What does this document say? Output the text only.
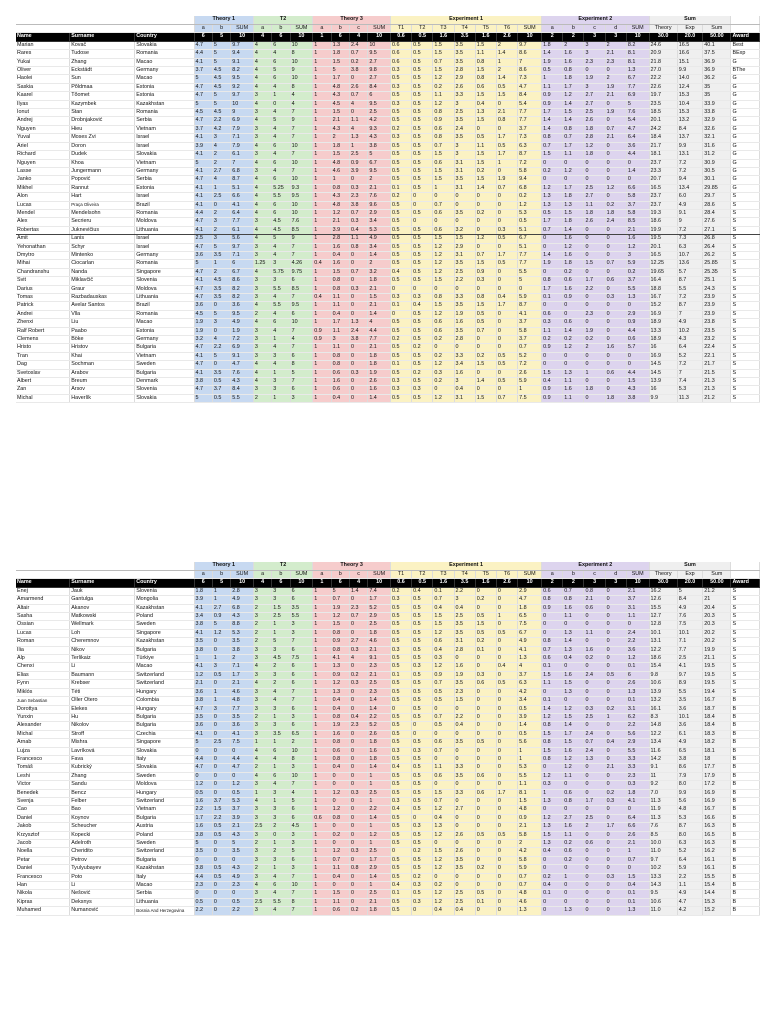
			Theory 1			T2			Theory 3				Experiment 1							Experiment 2					Sum			
			a	b	SUM	a	b	SUM	a	b	c	SUM	T1	T2	T3	T4	T5	T6	SUM	a	b	c	d	SUM	Theory	Exp	Sum	
Name	Surname	Country	6	5	10	4	6	10	1	6	4	10	0.6	0.5	1.6	3.5	1.6	2.6	10	2	2	3	3	10	30.0	20.0	50.00	Award
Marian	Kovač	Slovakia	4.7	5	9.7	4	6	10	1	1.3	2.4	10	0.6	0.5	1.5	3.5	1.5	2	9.7	1.8	2	3	2	8.2	24.6	16.5	40.1	Best
Rares	Tudose	Romania	4.4	5	9.4	4	4	8	1	1.8	0.7	9.5	0.6	0.5	1.5	3.5	1.1	1.4	8.6	1.4	1.6	3	2.1	8.1	20.9	16.6	37.5	BExp
Yukai	Zhang	Macao	4.1	5	9.1	4	6	10	1	1.5	0.2	2.7	0.6	0.5	0.7	3.5	0.8	1	7	1.9	1.6	2.3	2.3	8.1	21.8	15.1	36.9	G
Oliver	Eckstädt	Germany	3.7	4.5	8.2	4	5	9	1	5	3.8	9.8	0.3	0.5	1.5	2.8	1.5	2	8.6	0.5	0.8	0	0	1.3	27.0	9.9	36.9	BThe
Haolei	Sun	Macao	5	4.5	9.5	4	6	10	1	1.7	0	2.7	0.5	0.5	1.2	2.9	0.8	1.4	7.3	1	1.8	1.9	2	6.7	22.2	14.0	36.2	G
Saskia	Põldmaa	Estonia	4.7	4.5	9.2	4	4	8	1	4.8	2.6	8.4	0.3	0.5	0.2	2.6	0.6	0.5	4.7	1.1	1.7	3	1.9	7.7	22.6	12.4	35	G
Kaarel	Tõomet	Estonia	4.7	5	9.7	3	1	4	1	4.3	0.7	6	0.5	0.5	1.1	3.3	1.5	1.5	8.4	0.9	1.2	2.7	2.1	6.9	19.7	15.3	35	G
Ilyas	Kazymbek	Kazakhstan	5	5	10	4	0	4	1	4.5	4	9.5	0.3	0.5	1.2	3	0.4	0	5.4	0.9	1.4	2.7	0	5	23.5	10.4	33.9	G
Ionut	Stan	Romania	4.5	4.5	9	3	4	7	1	1.5	0	2.5	0.5	0.5	0.8	2.5	1.3	2.1	7.7	1.7	1.5	2.5	1.9	7.6	18.5	15.3	33.8	G
Andrej	Drobnjaković	Serbia	4.7	2.2	6.9	4	5	9	1	2.1	1.1	4.2	0.5	0.5	0.9	3.5	1.5	0.8	7.7	1.4	1.4	2.6	0	5.4	20.1	13.2	32.9	G
Nguyen	Hieu	Vietnam	3.7	4.2	7.9	3	4	7	1	4.3	4	9.3	0.2	0.5	0.6	2.4	0	0	3.7	1.4	0.8	1.8	0.7	4.7	24.2	8.4	32.6	G
Yuval	Moses Zvi	Israel	4.1	3	7.1	3	4	7	1	2	1.3	4.3	0.3	0.5	0.8	3.5	0.5	1.7	7.3	0.8	0.7	2.8	2.1	6.4	18.4	13.7	32.1	G
Ariel	Doron	Israel	3.9	4	7.9	4	6	10	1	1.8	1	3.8	0.5	0.5	0.7	3	1.1	0.5	6.3	0.7	1.7	1.2	0	3.6	21.7	9.9	31.6	G
Richard	Dudek	Slovakia	4.1	2	6.1	3	4	7	1	1.5	2.5	5	0.5	0.5	1.5	3	1.5	1.7	8.7	1.5	1.1	1.8	0	4.4	18.1	13.1	31.2	G
Nguyen	Khoa	Vietnam	5	2	7	4	6	10	1	4.8	0.9	6.7	0.5	0.5	0.6	3.1	1.5	1	7.2	0	0	0	0	0	23.7	7.2	30.9	G
Lasse	Jungermann	Germany	4.1	2.7	6.8	3	4	7	1	4.6	3.9	9.5	0.5	0.5	1.5	3.1	0.2	0	5.8	0.2	1.2	0	0	1.4	23.3	7.2	30.5	G
Janko	Popović	Serbia	4.7	4	8.7	4	6	10	1	1	0	2	0.5	0.5	1.5	3.5	1.5	1.9	9.4	0	0	0	0	0	20.7	9.4	30.1	G
Mikhel	Rannut	Estonia	4.1	1	5.1	4	5.25	9.3	1	0.8	0.3	2.1	0.1	0.5	1	3.1	1.4	0.7	6.8	1.2	1.7	2.5	1.2	6.6	16.5	13.4	29.85	G
Alon	Hart	Israel	4.1	2.5	6.6	4	5.5	9.5	1	4.3	2.3	7.6	0.2	0	0	0	0	0	0.2	1.3	1.8	2.7	0	5.8	23.7	6.0	29.7	S
Lucas	Praça Oliveira	Brazil	4.1	0	4.1	4	6	10	1	4.8	3.8	9.6	0.5	0	0.7	0	0	0	1.2	1.3	1.3	1.1	0.2	3.7	23.7	4.9	28.6	S
Mendel	Mendelsohn	Romania	4.4	2	6.4	4	6	10	1	1.2	0.7	2.9	0.5	0.5	0.6	3.5	0.2	0	5.3	0.5	1.5	1.8	1.8	5.8	19.3	9.1	28.4	S
Alex	Secrieru	Moldova	4.7	3	7.7	3	4.5	7.6	1	2.1	0.3	3.4	0.5	0	0	0	0	0	0.5	1.7	1.8	2.6	2.4	8.5	18.6	9	27.6	S
Robertas	Juknevičius	Lithuania	4.1	2	6.1	4	4.5	8.5	1	3.9	0.4	5.3	0.5	0.5	0.6	3.2	0	0.3	5.1	0.7	1.4	0	0	2.1	19.9	7.2	27.1	S
Amit	Lanis	Israel	2.5	3	5.6	4	5	9	1	2.8	1.1	4.9	0.5	0.5	1.5	1.5	1.2	0.5	6.7	0	1.6	0	0	1.6	19.5	7.3	26.8	S
Yehonathan	Schyr	Israel	4.7	5	9.7	3	4	7	1	1.6	0.8	3.4	0.5	0.5	1.2	2.9	0	0	5.1	0	1.2	0	0	1.2	20.1	6.3	26.4	S
Dmytro	Mintenko	Germany	3.6	3.5	7.1	3	4	7	1	0.4	0	1.4	0.5	0.5	1.2	3.1	0.7	1.7	7.7	1.4	1.6	0	0	3	16.5	10.7	26.2	S
Mihai	Ciocarlan	Romania	5	1	6	1.25	3	4.26	0.4	1.6	0	2	0.5	0.5	1.2	3.5	1.5	0.5	7.7	1.9	1.8	1.5	0.7	5.9	12.25	13.6	25.85	S
Chandranshu	Nanda	Singapore	4.7	2	6.7	4	5.75	9.75	1	1.5	0.7	3.2	0.4	0.5	1.2	2.5	0.9	0	5.5	0	0.2	0	0	0.2	19.65	5.7	25.35	S
Svit	Miklavčič	Slovenia	4.1	4.5	8.6	3	3	6	1	0.8	0	1.8	0.5	0.5	1.5	2.2	0.3	0	5	0.8	0.6	1.7	0.6	3.7	16.4	8.7	25.1	S
Darius	Graur	Moldova	4.7	3.5	8.2	3	5.5	8.5	1	0.8	0.3	2.1	0	0	0	0	0	0	0	1.7	1.6	2.2	0	5.5	18.8	5.5	24.3	S
Tomas	Razbadauskas	Lithuania	4.7	3.5	8.2	3	4	7	0.4	1.1	0	1.5	0.3	0.3	0.8	3.3	0.8	0.4	5.9	0.1	0.9	0	0.3	1.3	16.7	7.2	23.9	S
Patrick	Avelar Santos	Brazil	3.6	0	3.6	4	5.5	9.5	1	1.1	0	2.1	0.1	0.4	1.5	3.5	1.5	1.7	8.7	0	0	0	0	0	15.2	8.7	23.9	S
Andrei	Vlla	Romania	4.5	5	9.5	2	4	6	1	0.4	0	1.4	0	0.5	1.2	1.9	0.5	0	4.1	0.6	0	2.3	0	2.9	16.9	7	23.9	S
Zhenxi	Liu	Macao	1.9	3	4.9	4	6	10	1	1.7	1.3	4	0.5	0.5	0.6	1.6	0.5	0	3.7	0.3	0.6	0	0	0.9	18.9	4.9	23.8	S
Ralf Robert	Paabo	Estonia	1.9	0	1.9	3	4	7	0.9	1.1	2.4	4.4	0.5	0.5	0.6	3.5	0.7	0	5.8	1.1	1.4	1.9	0	4.4	13.3	10.2	23.5	S
Clemens	Böke	Germany	3.2	4	7.2	3	1	4	0.9	3	3.8	7.7	0.2	0.5	0.2	2.8	0	0	3.7	0.2	0.2	0.2	0	0.6	18.9	4.3	23.2	S
Hristo	Hristov	Bulgaria	4.7	2.2	6.9	3	4	7	1	1.1	0	2.1	0.5	0.2	0	0	0	0	0.7	0.9	1.2	2	1.6	5.7	16	6.4	22.4	S
Tran	Khai	Vietnam	4.1	5	9.1	3	3	6	1	0.8	0	1.8	0.5	0.5	0.2	3.3	0.2	0.5	5.2	0	0	0	0	0	16.9	5.2	22.1	S
Dag	Sochman	Sweden	4.7	0	4.7	4	4	8	1	0.8	0	1.8	0.1	0.5	1.2	3.4	1.5	0.5	7.2	0	0	0	0	0	14.5	7.2	21.7	S
Svetoslav	Arabov	Bulgaria	4.1	3.5	7.6	4	1	5	1	0.6	0.3	1.9	0.5	0.2	0.3	1.6	0	0	2.6	1.5	1.3	1	0.6	4.4	14.5	7	21.5	S
Albert	Breum	Denmark	3.8	0.5	4.3	4	3	7	1	1.6	0	2.6	0.3	0.5	0.2	3	1.4	0.5	5.9	0.4	1.1	0	0	1.5	13.9	7.4	21.3	S
Žan	Arsov	Slovenia	4.7	3.7	8.4	3	3	6	1	0.6	0	1.6	0.3	0.3	0	0.4	0	0	1	0.9	1.6	1.8	0	4.3	16	5.3	21.3	S
Michal	Haverlík	Slovakia	5	0.5	5.5	2	1	3	1	0.4	0	1.4	0.5	0.5	1.2	3.1	1.5	0.7	7.5	0.9	1.1	0	1.8	3.8	9.9	11.3	21.2	S
			Theory 1			T2			Theory 3				Experiment 1							Experiment 2					Sum			
			a	b	SUM	a	b	SUM	a	b	c	SUM	T1	T2	T3	T4	T5	T6	SUM	a	b	c	d	SUM	Theory	Exp	Sum	
Name	Surname	Country	6	5	10	4	6	10	1	6	4	10	0.6	0.5	1.6	3.5	1.6	2.6	10	2	2	3	3	10	30.0	20.0	50.00	Award
Enej	Jauk	Slovenia	1.8	1	2.8	3	3	6	1	5	1.4	7.4	0.2	0.4	0.1	2.2	0	0	2.9	0.6	0.7	0.8	0	2.1	16.2	5	21.2	S
Amarmend	Gantulga	Mongolia	3.9	1	4.9	3	3	6	1	0.7	0	1.7	0.3	0.5	0.7	3	0.2	0	4.7	0.8	0.8	2.1	0	3.7	12.6	8.4	21	S
Altair	Akanov	Kazakhstan	4.1	2.7	6.8	2	1.5	3.5	1	1.9	2.3	5.2	0.5	0.5	0.4	0.4	0	0	1.8	0.9	1.6	0.6	0	3.1	15.5	4.9	20.4	S
Sasha	Matkowski	Poland	3.4	0.9	4.3	3	2.5	5.5	1	1.2	0.7	2.9	0.5	0.5	1.5	2.5	0.5	1	6.5	0	1.1	0	0	1.1	12.7	7.6	20.3	S
Ossian	Wellmark	Sweden	3.8	5	8.8	2	1	3	1	1.5	0	2.5	0.5	0.5	1.5	3.5	1.5	0	7.5	0	0	0	0	0	12.8	7.5	20.3	S
Lucas	Loh	Singapore	4.1	1.2	5.3	2	1	3	1	0.8	0	1.8	0.5	0.5	1.2	3.5	0.5	0.5	6.7	0	1.3	1.1	0	2.4	10.1	10.1	20.2	S
Roman	Cheremnov	Kazakhstan	3.5	0	3.5	2	5	7	1	0.9	2.7	4.6	0.5	0.5	0.6	3.1	0.2	0	4.9	0.8	1.4	0	0	2.2	13.1	7.1	20.2	S
Ilia	Nikov	Bulgaria	3.8	0	3.8	3	3	6	1	0.8	0.3	2.1	0.3	0.5	0.4	2.8	0.1	0	4.1	0.7	1.3	1.6	0	3.6	12.2	7.7	19.9	S
Alp	Terlikaiz	Türkiye	1	1	2	3	4.5	7.5	1	4.1	4	9.1	0.5	0.5	0.3	0	0	0	1.3	0.6	0.4	0.2	0	1.2	18.6	2.5	21.1	S
Chenxi	Li	Macao	4.1	3	7.1	4	2	6	1	1.3	0	2.3	0.5	0.3	1.2	1.6	0	0.4	4	0.1	0	0	0	0.1	15.4	4.1	19.5	S
Elias	Baumann	Switzerland	1.2	0.5	1.7	3	3	6	1	0.9	0.2	2.1	0.1	0.5	0.9	1.9	0.3	0	3.7	1.5	1.6	2.4	0.5	6	9.8	9.7	19.5	S
Fynn	Krebser	Switzerland	2.1	0	2.1	4	2	6	1	1.2	0.3	2.5	0.5	0.5	0.7	3.5	0.6	0.5	6.3	1.1	1.5	0	0	2.6	10.6	8.9	19.5	S
Miklós	Téti	Hungary	3.6	1	4.6	3	4	7	1	1.3	0	2.3	0.5	0.5	0.5	2.3	0	0	4.2	0	1.3	0	0	1.3	13.9	5.5	19.4	S
Juan Sebastian	Oller Otero	Colombia	3.8	1	4.8	3	4	7	1	0.4	0	1.4	0.5	0.5	0.5	1.5	0	0	3.4	0.1	0	0	0	0.1	13.2	3.5	16.7	B
Dorottya	Elekes	Hungary	4.7	3	7.7	3	3	6	1	0.4	0	1.4	0	0.5	0	0	0	0	0.5	1.4	1.2	0.3	0.2	3.1	16.1	3.6	18.7	B
Yunxin	Hu	Bulgaria	3.5	0	3.5	2	1	3	1	0.8	0.4	2.2	0.5	0.5	0.7	2.2	0	0	3.9	1.2	1.5	2.5	1	6.2	8.3	10.1	18.4	B
Alexander	Nikolov	Bulgaria	3.6	0	3.6	3	3	6	1	1.9	2.3	5.2	0.5	0	0.5	0.4	0	0	1.4	0.8	1.4	0	0	2.2	14.8	3.6	18.4	B
Michal	Stroff	Czechia	4.1	0	4.1	3	3.5	6.5	1	1.6	0	2.6	0.5	0	0	0	0	0	0.5	1.5	1.7	2.4	0	5.6	12.2	6.1	18.3	B
Arnab	Mishra	Singapore	5	2.5	7.5	1	1	2	1	0.8	0	1.8	0.5	0.5	0.6	3.5	0.5	0	5.6	0.8	1.5	0.7	0.4	2.9	13.4	4.9	18.2	B
Lujza	Lavríková	Slovakia	0	0	0	4	6	10	1	0.6	0	1.6	0.3	0.3	0.7	0	0	0	1	1.5	1.6	2.4	0	5.5	11.6	6.5	18.1	B
Francesco	Fava	Italy	4.4	0	4.4	4	4	8	1	0.8	0	1.8	0.5	0.5	0	0	0	0	1	0.8	1.2	1.3	0	3.3	14.2	3.8	18	B
Tomáš	Kubrický	Slovakia	4.7	0	4.7	2	1	3	1	0.4	0	1.4	0.4	0.5	1.1	3.3	0	0	5.3	0	1.2	0	2.1	3.3	9.1	8.6	17.7	B
Leshi	Zhang	Sweden	0	0	0	4	6	10	1	0	0	1	0.5	0.5	0.6	3.5	0.6	0	5.5	1.2	1.1	0	0	2.3	11	7.9	17.9	B
Victor	Sandu	Moldova	1.2	0	1.2	3	4	7	1	0	0	1	0.5	0.5	0	0	0	0	1.1	0.3	0	0	0	0.3	9.2	8.0	17.2	B
Benedek	Bencz	Hungary	0.5	0	0.5	1	3	4	1	1.2	0.3	2.5	0.5	0.5	1.5	3.3	0.6	1.7	8.1	1	0.6	0	0.2	1.8	7.0	9.9	16.9	B
Svenja	Felber	Switzerland	1.6	3.7	5.3	4	1	5	1	0	0	1	0.3	0.5	0.7	0	0	0	1.5	1.3	0.8	1.7	0.3	4.1	11.3	5.6	16.9	B
Cao	Bao	Vietnam	2.2	1.5	3.7	3	3	6	1	1.2	0	2.2	0.4	0.5	1.2	2.7	0	0	4.8	0	0	0	0	0	11.9	4.8	16.7	B
Daniel	Koynov	Bulgaria	1.7	2.2	3.9	3	3	6	0.6	0.8	0	1.4	0.5	0	0.4	0	0	0	0.9	1.2	2.7	2.5	0	6.4	11.3	5.3	16.6	B
Jakob	Scheucher	Austria	1.6	0.5	2.1	2.5	2	4.5	1	0	0	1	0.5	0.3	1.3	0	0	0	2.1	1.3	1.6	2	1.7	6.6	7.6	8.7	16.3	B
Krzysztof	Kopecki	Poland	3.8	0.5	4.3	3	0	3	1	0.2	0	1.2	0.5	0.5	1.2	2.6	0.5	0.5	5.8	1.5	1.1	0	0	2.6	8.5	8.0	16.5	B
Jacob	Adelroth	Sweden	5	0	5	2	1	3	1	0	0	1	0.5	0.5	0	0	0	0	2	1.3	0.2	0.6	0	2.1	10.0	6.3	16.3	B
Noella	Cheridito	Switzerland	3.5	0	3.5	3	2	5	1	1.2	0.3	2.5	0	0.2	1.5	2.6	0	0	4.2	0.4	0.6	0	0	1	11.0	5.2	16.2	B
Petar	Petrov	Bulgaria	0	0	0	3	3	6	1	0.7	0	1.7	0.5	0.5	1.2	3.5	0	0	5.8	0	0.2	0	0	0.7	9.7	6.4	16.1	B
Daniel	Tyulyubayev	Kazakhstan	3.8	0.5	4.3	2	1	3	1	1.1	0.8	2.9	0.5	0.5	1.2	3.5	0.2	0	5.9	0	0	0	0	0	10.2	5.9	16.1	B
Francesco	Poto	Italy	4.4	0.5	4.9	3	4	7	1	0.4	0	1.4	0.5	0.2	0	0	0	0	0.7	0.2	1	0	0.3	1.5	13.3	2.2	15.5	B
Han	Li	Macao	2.3	0	2.3	4	6	10	1	0	0	1	0.4	0.3	0.2	0	0	0	0.7	0.4	0	0	0	0.4	14.3	1.1	15.4	B
Nikola	Nešović	Serbia	0	0	0	3	4	7	1	1.5	0	2.5	0.1	0.5	1.2	2.5	0.5	0	4.8	0.1	0	0	0	0.1	9.5	4.9	14.4	B
Kipras	Deksnys	Lithuania	0.5	0	0.5	2.5	5.5	8	1	1.1	0	2.1	0.5	0.3	1.2	2.5	0.1	0	4.6	0	0	0	0	0.1	10.6	4.7	15.3	B
Muhamed	Numanović	Bosnia And Herzegovina	2.2	0	2.2	3	4	7	1	0.6	0.2	1.8	0.5	0	0.4	0.4	0	0	1.3	0	1.3	0	0	1.3	11.0	4.2	15.2	B
